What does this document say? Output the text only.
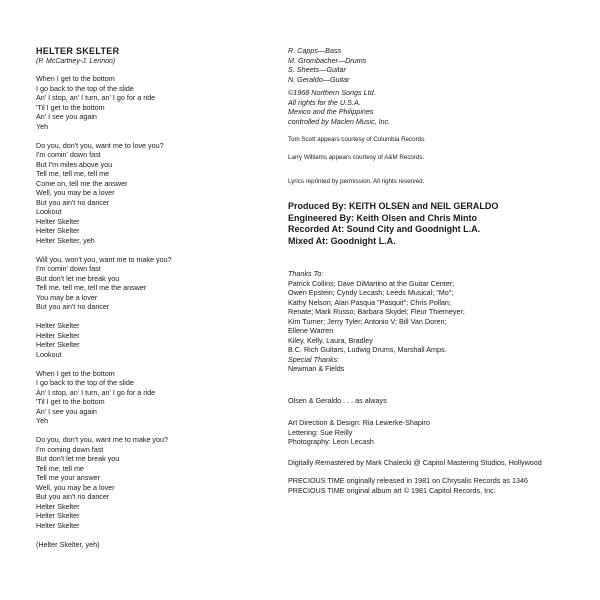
HELTER SKELTER
(P. McCartney-J. Lennon)
When I get to the bottom
I go back to the top of the slide
An' I stop, an' I turn, an' I go for a ride
'Til I get to the bottom
An' I see you again
Yeh
Do you, don't you, want me to love you?
I'm comin' down fast
But I'm miles above you
Tell me, tell me, tell me
Come on, tell me the answer
Well, you may be a lover
But you ain't no dancer
Lookout
Helter Skelter
Helter Skelter
Helter Skelter, yeh
Will you, won't you, want me to make you?
I'm comin' down fast
But don't let me break you
Tell me, tell me, tell me the answer
You may be a lover
But you ain't no dancer
Helter Skelter
Helter Skelter
Helter Skelter
Lookout
When I get to the bottom
I go back to the top of the slide
An' I stop, an' I turn, an' I go for a ride
'Til I get to the bottom
An' I see you again
Yeh
Do you, don't you, want me to make you?
I'm coming down fast
But don't let me break you
Tell me, tell me
Tell me your answer
Well, you may be a lover
But you ain't no dancer
Helter Skelter
Helter Skelter
Helter Skelter
(Helter Skelter, yeh)
R. Capps—Bass
M. Grombacher—Drums
S. Sheets—Guitar
N. Geraldo—Guitar
©1968 Northern Songs Ltd.
All rights for the U.S.A.
Mexico and the Philippines
controlled by Maclen Music, Inc.
Tom Scott appears courtesy of Columbia Records.
Larry Williams appears courtesy of A&M Records.
Lyrics reprinted by permission. All rights reserved.
Produced By: KEITH OLSEN and NEIL GERALDO
Engineered By: Keith Olsen and Chris Minto
Recorded At: Sound City and Goodnight L.A.
Mixed At: Goodnight L.A.
Thanks To:
Patrick Collins; Dave DiMartino at the Guitar Center;
Owen Epstein; Cyndy Lecash; Leeds Musical; "Mo";
Kathy Nelson; Alan Pasqua "Pasquit"; Chris Pollan;
Renate; Mark Russo; Barbara Skydel; Fleur Thiemeyer;
Kim Turner; Jerry Tyler; Antonio V; Bill Van Doren;
Ellene Warren
Kiley, Kelly, Laura, Bradley
B.C. Rich Guitars, Ludwig Drums, Marshall Amps.
Special Thanks:
Newman & Fields
Olsen & Geraldo . . . as always
Art Direction & Design: Ria Lewerke-Shapiro
Lettering: Sue Reilly
Photography: Leon Lecash
Digitally Remastered by Mark Chalecki @ Capitol Mastering Studios, Hollywood
PRECIOUS TIME originally released in 1981 on Chrysalis Records as 1346
PRECIOUS TIME original album art © 1981 Capitol Records, Inc.
